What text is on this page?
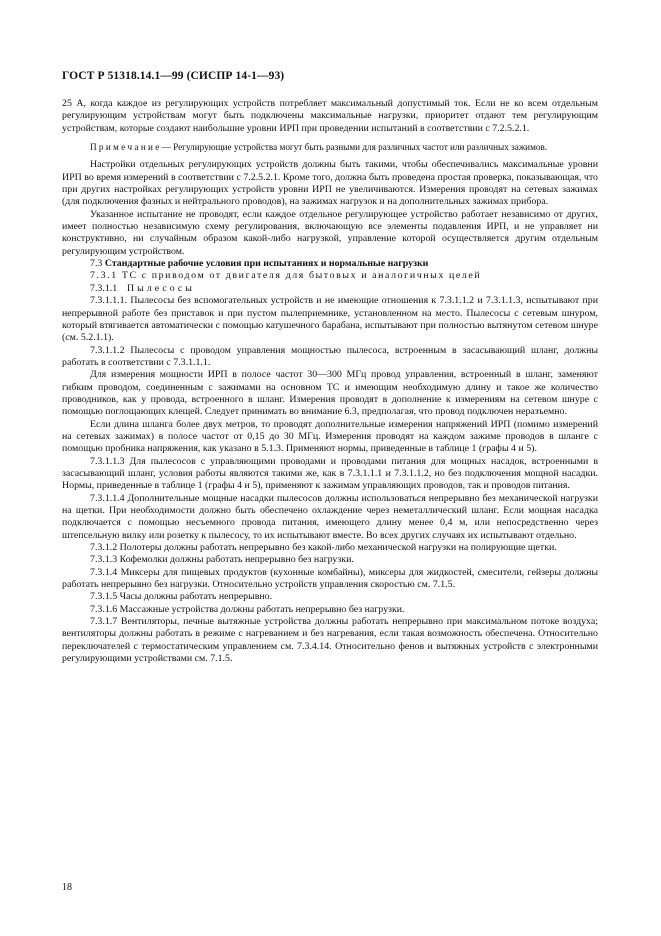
ГОСТ Р 51318.14.1—99 (СИСПР 14-1—93)

25 А, когда каждое из регулирующих устройств потребляет максимальный допустимый ток. Если не ко всем отдельным регулирующим устройствам могут быть подключены максимальные нагрузки, приоритет отдают тем регулирующим устройствам, которые создают наибольшие уровни ИРП при проведении испытаний в соответствии с 7.2.5.2.1.

П р и м е ч а н и е — Регулирующие устройства могут быть разными для различных частот или различных зажимов.

Настройки отдельных регулирующих устройств должны быть такими, чтобы обеспечивались максимальные уровни ИРП во время измерений в соответствии с 7.2.5.2.1. Кроме того, должна быть проведена простая проверка, показывающая, что при других настройках регулирующих устройств уровни ИРП не увеличиваются. Измерения проводят на сетевых зажимах (для подключения фазных и нейтрального проводов), на зажимах нагрузок и на дополнительных зажимах прибора.

Указанное испытание не проводят, если каждое отдельное регулирующее устройство работает независимо от других, имеет полностью независимую схему регулирования, включающую все элементы подавления ИРП, и не управляет ни конструктивно, ни случайным образом какой-либо нагрузкой, управление которой осуществляется другим отдельным регулирующим устройством.

7.3 Стандартные рабочие условия при испытаниях и нормальные нагрузки

7.3.1 ТС с приводом от двигателя для бытовых и аналогичных целей

7.3.1.1 Пылесосы

7.3.1.1.1. Пылесосы без вспомогательных устройств и не имеющие отношения к 7.3.1.1.2 и 7.3.1.1.3, испытывают при непрерывной работе без приставок и при пустом пылеприемнике, установленном на место. Пылесосы с сетевым шнуром, который втягивается автоматически с помощью катушечного барабана, испытывают при полностью вытянутом сетевом шнуре (см. 5.2.1.1).

7.3.1.1.2 Пылесосы с проводом управления мощностью пылесоса, встроенным в засасывающий шланг, должны работать в соответствии с 7.3.1.1.1.

Для измерения мощности ИРП в полосе частот 30—300 МГц провод управления, встроенный в шланг, заменяют гибким проводом, соединенным с зажимами на основном ТС и имеющим необходимую длину и такое же количество проводников, как у провода, встроенного в шланг. Измерения проводят в дополнение к измерениям на сетевом шнуре с помощью поглощающих клещей. Следует принимать во внимание 6.3, предполагая, что провод подключен неразъемно.

Если длина шланга более двух метров, то проводят дополнительные измерения напряжений ИРП (помимо измерений на сетевых зажимах) в полосе частот от 0,15 до 30 МГц. Измерения проводят на каждом зажиме проводов в шланге с помощью пробника напряжения, как указано в 5.1.3. Применяют нормы, приведенные в таблице 1 (графы 4 и 5).

7.3.1.1.3 Для пылесосов с управляющими проводами и проводами питания для мощных насадок, встроенными в засасывающий шланг, условия работы являются такими же, как в 7.3.1.1.1 и 7.3.1.1.2, но без подключения мощной насадки. Нормы, приведенные в таблице 1 (графы 4 и 5), применяют к зажимам управляющих проводов, так и проводов питания.

7.3.1.1.4 Дополнительные мощные насадки пылесосов должны использоваться непрерывно без механической нагрузки на щетки. При необходимости должно быть обеспечено охлаждение через неметаллический шланг. Если мощная насадка подключается с помощью несъемного провода питания, имеющего длину менее 0,4 м, или непосредственно через штепсельную вилку или розетку к пылесосу, то их испытывают вместе. Во всех других случаях их испытывают отдельно.

7.3.1.2 Полотеры должны работать непрерывно без какой-либо механической нагрузки на полирующие щетки.

7.3.1.3 Кофемолки должны работать непрерывно без нагрузки.

7.3.1.4 Миксеры для пищевых продуктов (кухонные комбайны), миксеры для жидкостей, смесители, гейзеры должны работать непрерывно без нагрузки. Относительно устройств управления скоростью см. 7.1.5.

7.3.1.5 Часы должны работать непрерывно.

7.3.1.6 Массажные устройства должны работать непрерывно без нагрузки.

7.3.1.7 Вентиляторы, печные вытяжные устройства должны работать непрерывно при максимальном потоке воздуха; вентиляторы должны работать в режиме с нагреванием и без нагревания, если такая возможность обеспечена. Относительно переключателей с термостатическим управлением см. 7.3.4.14. Относительно фенов и вытяжных устройств с электронными регулирующими устройствами см. 7.1.5.

18
